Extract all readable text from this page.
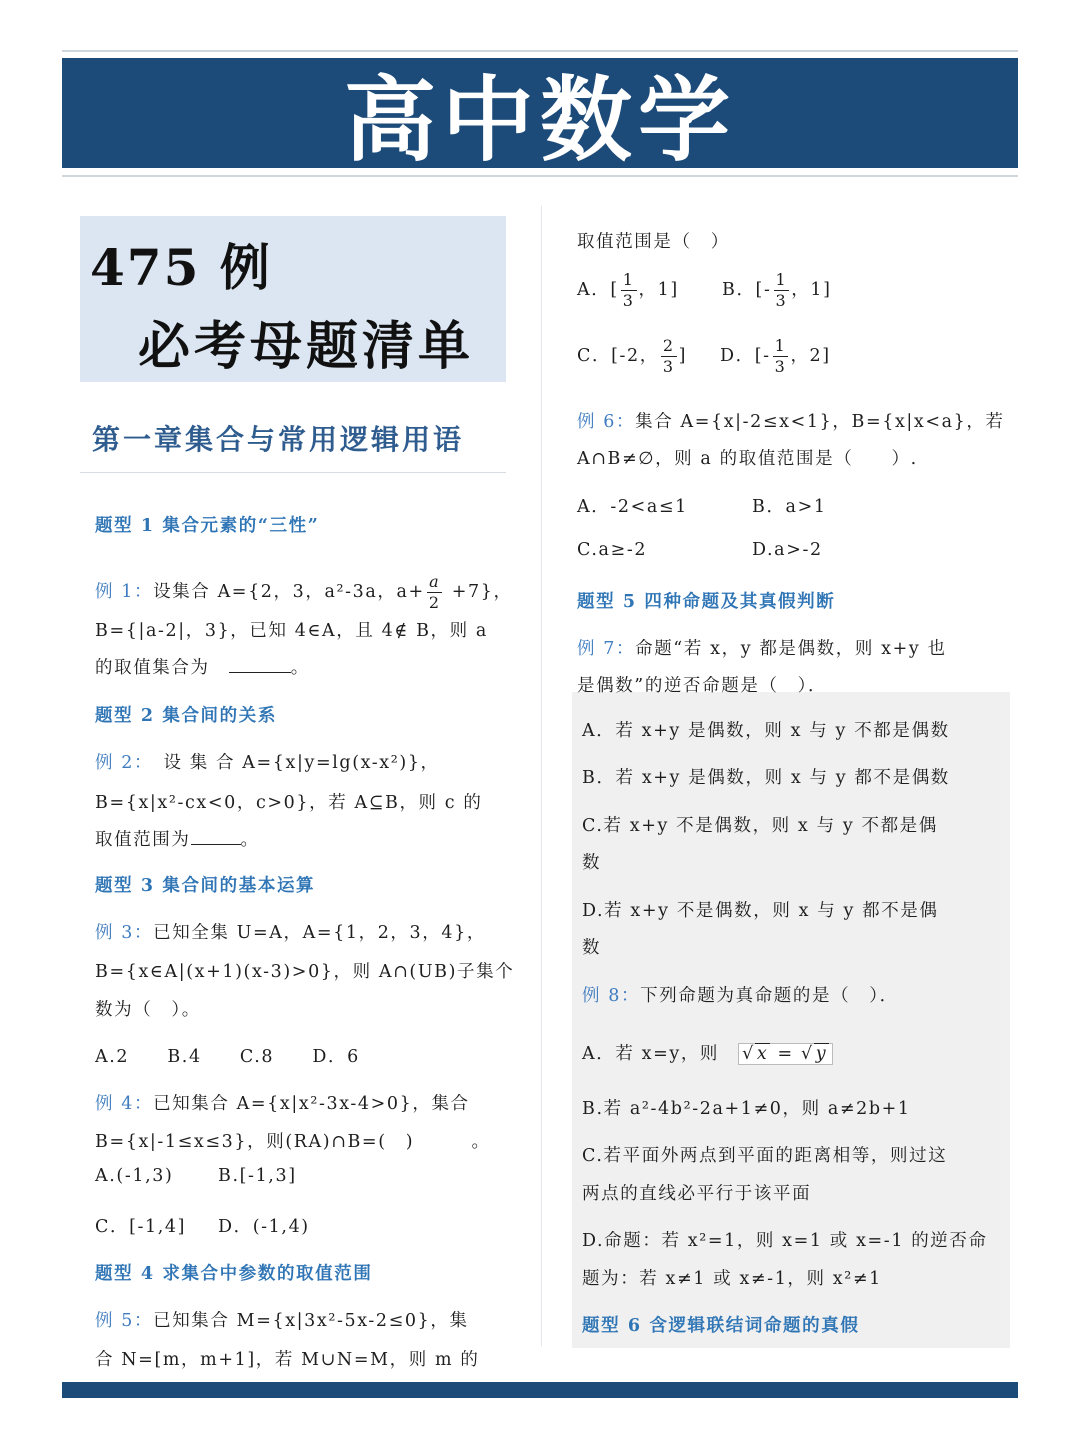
高中数学
475 例
必考母题清单
第一章集合与常用逻辑用语
题型 1 集合元素的“三性”
例 1：设集合 A={2，3，a²-3a，$a+ \frac{a}{2} +7$}，
B={|a-2|，3}，已知 4∈A，且 4∉ B，则 a
的取值集合为　	。
题型 2 集合间的关系
例 2：　 设 集 合 A={x|y=lg(x-x²)}，
B={x|x²-cx<0，c>0}，若 A⊆B，则 c 的
取值范围为	。
题型 3 集合间的基本运算
例 3：已知全集 U=A，A={1，2，3，4}，
B={x∈A|(x+1)(x-3)>0}，则 A∩(UB)子集个
数为（　）。
A.2　　B.4　　C.8　　D．6
例 4：已知集合 A={x|x²-3x-4>0}，集合
B={x|-1≤x≤3}，则(RA)∩B=(　)　　　。
A.(-1,3)	B.[-1,3]
C．[-1,4] D．(-1,4)
题型 4 求集合中参数的取值范围
例 5：已知集合 M={x|3x²-5x-2≤0}，集
合 N=[m，m+1]，若 M∪N=M，则 m 的
取值范围是（　）
A．[ $\frac{1}{3}$ ，1] B．[- $\frac{1}{3}$ ，1]
C．[-2， $\frac{2}{3}$ ] D．[- $\frac{1}{3}$ ，2]
例 6：集合 A={x|-2≤x<1}，B={x|x<a}，若
A∩B≠∅，则 a 的取值范围是（　　）.
A．-2<a≤1	B．a>1
C.a≥-2	D.a>-2
题型 5 四种命题及其真假判断
例 7：命题“若 x，y 都是偶数，则 x+y 也
是偶数”的逆否命题是（　）．
A．若 x+y 是偶数，则 x 与 y 不都是偶数
B．若 x+y 是偶数，则 x 与 y 都不是偶数
C.若 x+y 不是偶数，则 x 与 y 不都是偶
数
D.若 x+y 不是偶数，则 x 与 y 都不是偶
数
例 8：下列命题为真命题的是（　）．
A．若 x=y，则　 √ x = √ y
B.若 a²-4b²-2a+1≠0，则 a≠2b+1
C.若平面外两点到平面的距离相等，则过这
两点的直线必平行于该平面
D.命题：若 x²=1，则 x=1 或 x=-1 的逆否命
题为：若 x≠1 或 x≠-1，则 x²≠1
题型 6 含逻辑联结词命题的真假
